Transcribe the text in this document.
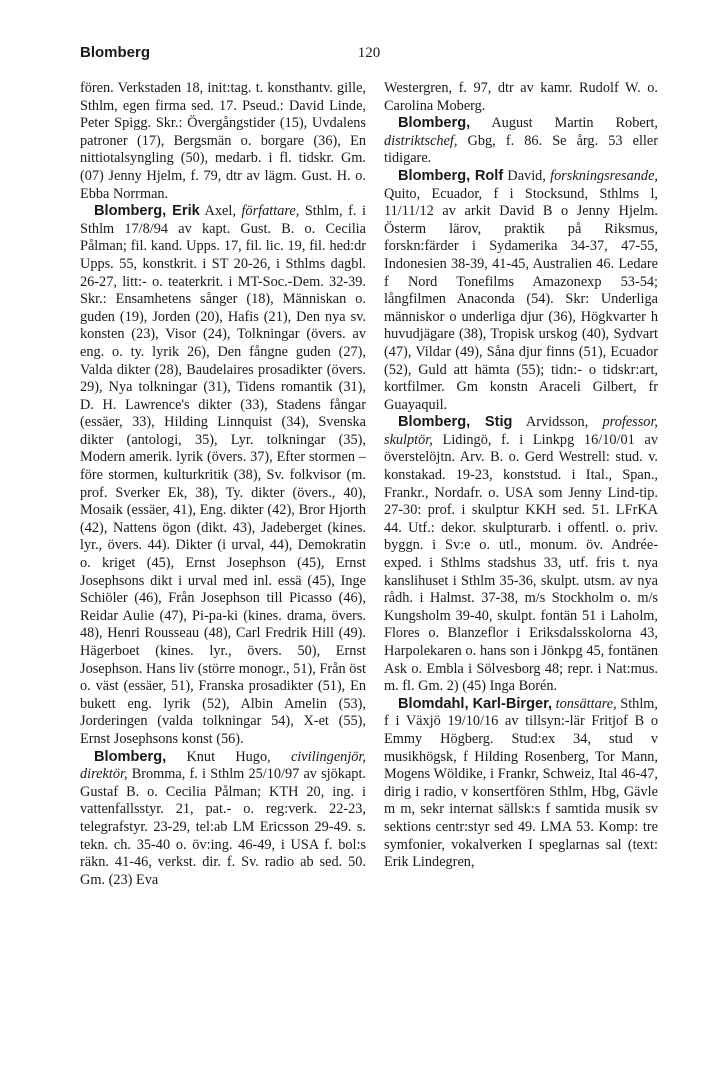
Blomberg	120

fören. Verkstaden 18, init:tag. t. konsthantv. gille, Sthlm, egen firma sed. 17. Pseud.: David Linde, Peter Spigg. Skr.: Övergångstider (15), Uvdalens patroner (17), Bergsmän o. borgare (36), En nittiotalsyngling (50), medarb. i fl. tidskr. Gm. (07) Jenny Hjelm, f. 79, dtr av lägm. Gust. H. o. Ebba Norrman.

Blomberg, Erik Axel, författare, Sthlm, f. i Sthlm 17/8/94 av kapt. Gust. B. o. Cecilia Pålman; fil. kand. Upps. 17, fil. lic. 19, fil. hed:dr Upps. 55, konstkrit. i ST 20-26, i Sthlms dagbl. 26-27, litt:- o. teaterkrit. i MT-Soc.-Dem. 32-39. Skr.: Ensamhetens sånger (18), Människan o. guden (19), Jorden (20), Hafis (21), Den nya sv. konsten (23), Visor (24), Tolkningar (övers. av eng. o. ty. lyrik 26), Den fångne guden (27), Valda dikter (28), Baudelaires prosadikter (övers. 29), Nya tolkningar (31), Tidens romantik (31), D. H. Lawrence's dikter (33), Stadens fångar (essäer, 33), Hilding Linnquist (34), Svenska dikter (antologi, 35), Lyr. tolkningar (35), Modern amerik. lyrik (övers. 37), Efter stormen – före stormen, kulturkritik (38), Sv. folkvisor (m. prof. Sverker Ek, 38), Ty. dikter (övers., 40), Mosaik (essäer, 41), Eng. dikter (42), Bror Hjorth (42), Nattens ögon (dikt. 43), Jadeberget (kines. lyr., övers. 44). Dikter (i urval, 44), Demokratin o. kriget (45), Ernst Josephson (45), Ernst Josephsons dikt i urval med inl. essä (45), Inge Schiöler (46), Från Josephson till Picasso (46), Reidar Aulie (47), Pi-pa-ki (kines. drama, övers. 48), Henri Rousseau (48), Carl Fredrik Hill (49). Hägerboet (kines. lyr., övers. 50), Ernst Josephson. Hans liv (större monogr., 51), Från öst o. väst (essäer, 51), Franska prosadikter (51), En bukett eng. lyrik (52), Albin Amelin (53), Jorderingen (valda tolkningar 54), X-et (55), Ernst Josephsons konst (56).

Blomberg, Knut Hugo, civilingenjör, direktör, Bromma, f. i Sthlm 25/10/97 av sjökapt. Gustaf B. o. Cecilia Pålman; KTH 20, ing. i vattenfallsstyr. 21, pat.- o. reg:verk. 22-23, telegrafstyr. 23-29, tel:ab LM Ericsson 29-49. s. tekn. ch. 35-40 o. öv:ing. 46-49, i USA f. bol:s räkn. 41-46, verkst. dir. f. Sv. radio ab sed. 50. Gm. (23) Eva

Westergren, f. 97, dtr av kamr. Rudolf W. o. Carolina Moberg.

Blomberg, August Martin Robert, distriktschef, Gbg, f. 86. Se årg. 53 eller tidigare.

Blomberg, Rolf David, forskningsresande, Quito, Ecuador, f i Stocksund, Sthlms l, 11/11/12 av arkit David B o Jenny Hjelm. Österm lärov, praktik på Riksmus, forskn:färder i Sydamerika 34-37, 47-55, Indonesien 38-39, 41-45, Australien 46. Ledare f Nord Tonefilms Amazonexp 53-54; långfilmen Anaconda (54). Skr: Underliga människor o underliga djur (36), Högkvarter h huvudjägare (38), Tropisk urskog (40), Sydvart (47), Vildar (49), Såna djur finns (51), Ecuador (52), Guld att hämta (55); tidn:- o tidskr:art, kortfilmer. Gm konstn Araceli Gilbert, fr Guayaquil.

Blomberg, Stig Arvidsson, professor, skulptör, Lidingö, f. i Linkpg 16/10/01 av överstelöjtn. Arv. B. o. Gerd Westrell: stud. v. konstakad. 19-23, konststud. i Ital., Span., Frankr., Nordafr. o. USA som Jenny Lind-tip. 27-30: prof. i skulptur KKH sed. 51. LFrKA 44. Utf.: dekor. skulpturarb. i offentl. o. priv. byggn. i Sv:e o. utl., monum. öv. Andrée-exped. i Sthlms stadshus 33, utf. fris t. nya kanslihuset i Sthlm 35-36, skulpt. utsm. av nya rådh. i Halmst. 37-38, m/s Stockholm o. m/s Kungsholm 39-40, skulpt. fontän 51 i Laholm, Flores o. Blanzeflor i Eriksdalsskolorna 43, Harpolekaren o. hans son i Jönkpg 45, fontänen Ask o. Embla i Sölvesborg 48; repr. i Nat:mus. m. fl. Gm. 2) (45) Inga Borén.

Blomdahl, Karl-Birger, tonsättare, Sthlm, f i Växjö 19/10/16 av tillsyn:-lär Fritjof B o Emmy Högberg. Stud:ex 34, stud v musikhögsk, f Hilding Rosenberg, Tor Mann, Mogens Wöldike, i Frankr, Schweiz, Ital 46-47, dirig i radio, v konsertfören Sthlm, Hbg, Gävle m m, sekr internat sällsk:s f samtida musik sv sektions centr:styr sed 49. LMA 53. Komp: tre symfonier, vokalverken I speglarnas sal (text: Erik Lindegren,
